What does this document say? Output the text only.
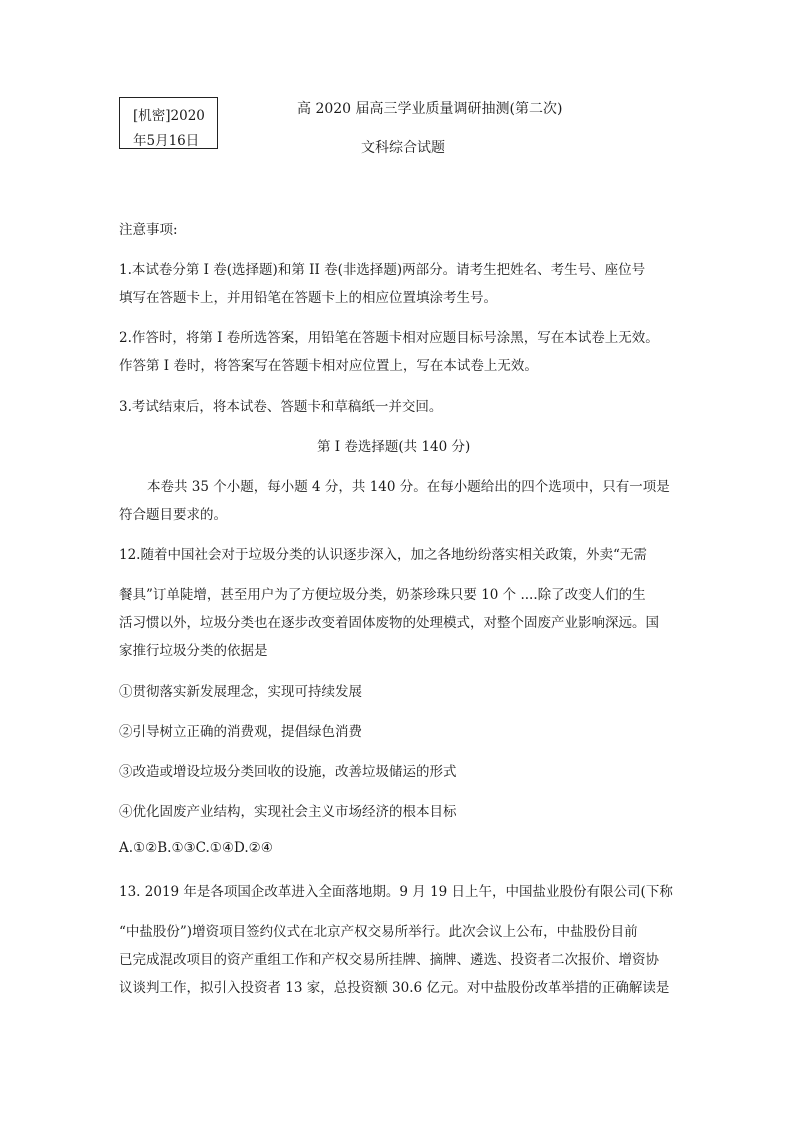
[机密]2020
年5月16日
高 2020 届高三学业质量调研抽测(第二次)
文科综合试题
注意事项:
1.本试卷分第 I 卷(选择题)和第 II 卷(非选择题)两部分。请考生把姓名、考生号、座位号
填写在答题卡上，并用铅笔在答题卡上的相应位置填涂考生号。
2.作答时，将第 I 卷所选答案，用铅笔在答题卡相对应题目标号涂黑，写在本试卷上无效。
作答第 I 卷时，将答案写在答题卡相对应位置上，写在本试卷上无效。
3.考试结束后，将本试卷、答题卡和草稿纸一并交回。
第 I 卷选择题(共 140 分)
本卷共 35 个小题，每小题 4 分，共 140 分。在每小题给出的四个选项中，只有一项是
符合题目要求的。
12.随着中国社会对于垃圾分类的认识逐步深入，加之各地纷纷落实相关政策，外卖“无需
餐具”订单陡增，甚至用户为了方便垃圾分类，奶茶珍珠只要 10 个 ....除了改变人们的生
活习惯以外，垃圾分类也在逐步改变着固体废物的处理模式，对整个固废产业影响深远。国
家推行垃圾分类的依据是
①贯彻落实新发展理念，实现可持续发展
②引导树立正确的消费观，提倡绿色消费
③改造或增设垃圾分类回收的设施，改善垃圾储运的形式
④优化固废产业结构，实现社会主义市场经济的根本目标
A.①②B.①③C.①④D.②④
13. 2019 年是各项国企改革进入全面落地期。9 月 19 日上午，中国盐业股份有限公司(下称
“中盐股份”)增资项目签约仪式在北京产权交易所举行。此次会议上公布，中盐股份目前
已完成混改项目的资产重组工作和产权交易所挂牌、摘牌、遴选、投资者二次报价、增资协
议谈判工作，拟引入投资者 13 家，总投资额 30.6 亿元。对中盐股份改革举措的正确解读是
